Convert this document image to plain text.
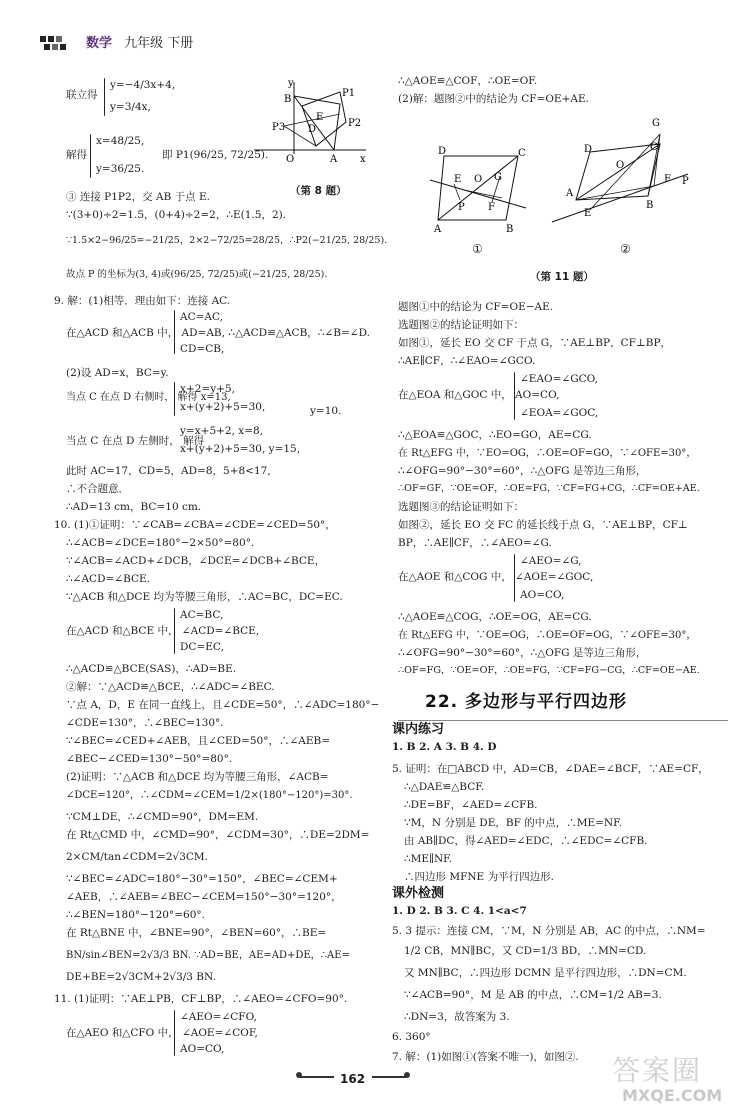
数学 九年级 下册
y
B
P1
P3
E
D
P2
O	A x
（第 8 题）
联立得
y=−4/3x+4,
y=3/4x,
x=48/25,
解得
y=36/25.
即 P1(96/25, 72/25).
③ 连接 P1P2，交 AB 于点 E.
∵(3+0)÷2=1.5，(0+4)÷2=2，∴E(1.5，2).
∵1.5×2−96/25=−21/25，2×2−72/25=28/25，∴P2(−21/25, 28/25).
故点 P 的坐标为(3, 4)或(96/25, 72/25)或(−21/25, 28/25).
9. 解：(1)相等．理由如下：连接 AC.
AC=AC,
在△ACD 和△ACB 中， AD=AB, ∴△ACD≌△ACB，∴∠B=∠D.
CD=CB,
(2)设 AD=x，BC=y.
x+2=y+5,
当点 C 在点 D 右侧时， 解得 x=13,
x+(y+2)+5=30,	y=10.
y=x+5+2, x=8,
当点 C 在点 D 左侧时， 解得
x+(y+2)+5=30, y=15,
此时 AC=17，CD=5，AD=8，5+8<17,
∴不合题意．
∴AD=13 cm，BC=10 cm.
10. (1)①证明：∵∠CAB=∠CBA=∠CDE=∠CED=50°，
∴∠ACB=∠DCE=180°−2×50°=80°.
∵∠ACB=∠ACD+∠DCB，∠DCE=∠DCB+∠BCE，
∴∠ACD=∠BCE.
∵△ACB 和△DCE 均为等腰三角形，∴AC=BC，DC=EC.
AC=BC,
在△ACD 和△BCE 中， ∠ACD=∠BCE,
DC=EC,
∴△ACD≌△BCE(SAS)，∴AD=BE.
②解：∵△ACD≌△BCE，∴∠ADC=∠BEC.
∵点 A，D，E 在同一直线上，且∠CDE=50°，∴∠ADC=180°−
∠CDE=130°，∴∠BEC=130°.
∵∠BEC=∠CED+∠AEB，且∠CED=50°，∴∠AEB=
∠BEC−∠CED=130°−50°=80°.
(2)证明：∵△ACB 和△DCE 均为等腰三角形，∠ACB=
∠DCE=120°，∴∠CDM=∠CEM=1/2×(180°−120°)=30°.
∵CM⊥DE，∴∠CMD=90°，DM=EM.
在 Rt△CMD 中，∠CMD=90°，∠CDM=30°，∴DE=2DM=
2×CM/tan∠CDM=2√3CM.
∵∠BEC=∠ADC=180°−30°=150°，∠BEC=∠CEM+
∠AEB，∴∠AEB=∠BEC−∠CEM=150°−30°=120°，
∴∠BEN=180°−120°=60°.
在 Rt△BNE 中，∠BNE=90°，∠BEN=60°，∴BE=
BN/sin∠BEN=2√3/3 BN. ∵AD=BE，AE=AD+DE，∴AE=
DE+BE=2√3CM+2√3/3 BN.
11. (1)证明：∵AE⊥PB，CF⊥BP，∴∠AEO=∠CFO=90°.
∠AEO=∠CFO,
在△AEO 和△CFO 中， ∠AOE=∠COF,
AO=CO,
∴△AOE≌△COF，∴OE=OF.
(2)解：题图②中的结论为 CF=OE+AE.
题图①中的结论为 CF=OE−AE.
选题图②的结论证明如下：
如图①，延长 EO 交 CF 于点 G，∵AE⊥BP，CF⊥BP，
∴AE∥CF，∴∠EAO=∠GCO.
∠EAO=∠GCO,
在△EOA 和△GOC 中， AO=CO,
∠EOA=∠GOC,
∴△EOA≌△GOC，∴EO=GO，AE=CG.
在 Rt△EFG 中，∵EO=OG，∴OE=OF=GO，∵∠OFE=30°，
∴∠OFG=90°−30°=60°，∴△OFG 是等边三角形，
∴OF=GF，∵OE=OF，∴OE=FG，∵CF=FG+CG，∴CF=OE+AE.
选题图③的结论证明如下：
如图②，延长 EO 交 FC 的延长线于点 G，∵AE⊥BP，CF⊥
BP，∴AE∥CF，∴∠AEO=∠G.
∠AEO=∠G,
在△AOE 和△COG 中， ∠AOE=∠GOC,
AO=CO,
∴△AOE≌△COG，∴OE=OG，AE=CG.
在 Rt△EFG 中，∵OE=OG，∴OE=OF=OG，∵∠OFE=30°，
∴∠OFG=90°−30°=60°，∴△OFG 是等边三角形，
∴OF=FG，∵OE=OF，∴OE=FG，∵CF=FG−CG，∴CF=OE−AE.
D	C
E O G
P F
A	B
①
G
D	C
O
F
A
E
B
P
②
（第 11 题）
22. 多边形与平行四边形
课内练习
1. B 2. A 3. B 4. D
5. 证明：在□ABCD 中，AD=CB，∠DAE=∠BCF，∵AE=CF，
∴△DAE≌△BCF.
∴DE=BF，∠AED=∠CFB.
∵M，N 分别是 DE，BF 的中点，∴ME=NF.
由 AB∥DC，得∠AED=∠EDC，∴∠EDC=∠CFB.
∴ME∥NF.
∴四边形 MFNE 为平行四边形.
课外检测
1. D 2. B 3. C 4. 1<a<7
5. 3 提示：连接 CM，∵M，N 分别是 AB，AC 的中点，∴NM=
1/2 CB，MN∥BC，又 CD=1/3 BD，∴MN=CD.
又 MN∥BC，∴四边形 DCMN 是平行四边形，∴DN=CM.
∵∠ACB=90°，M 是 AB 的中点，∴CM=1/2 AB=3.
∴DN=3，故答案为 3.
6. 360°
7. 解：(1)如图①(答案不唯一)，如图②.
162	答案圈
MXQE.COM
